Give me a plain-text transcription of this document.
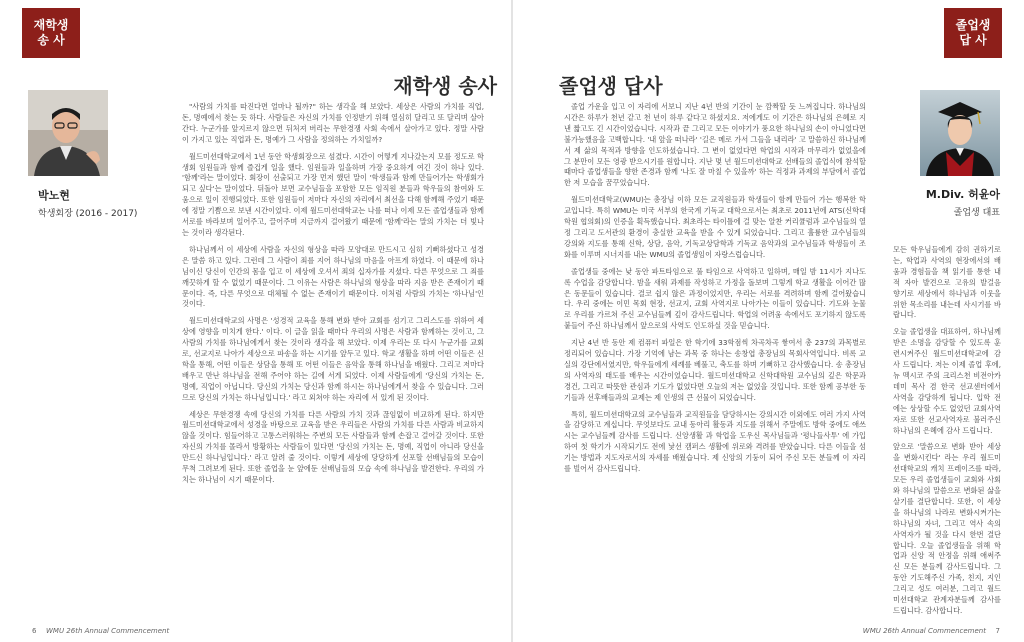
재학생
송 사
재학생 송사
박노현
학생회장 (2016 - 2017)

"사람의 가치를 따진다면 얼마나 될까?" 하는 생각을 해 보았다. 세상은 사람의 가치를 직업, 돈, 명예에서 찾는 듯 하다. 사람들은 자신의 가치를 인정받기 위해 열심히 달리고 또 달리며 살아간다. 누군가를 앞지르지 않으면 뒤처져 버리는 무한경쟁 사회 속에서 살아가고 있다. 정말 사람이 가지고 있는 직업과 돈, 명예가 그 사람을 정의하는 가치일까?

월드미션대학교에서 1년 동안 학생회장으로 섬겼다. 시간이 어떻게 지나갔는지 모를 정도로 학생회 임원들과 함께 즐겁게 일을 했다. 임원들과 일을하며 가장 중요하게 여긴 것이 하나 있다. '함께'라는 말이었다. 회장이 선출되고 가장 먼저 했던 말이 '학생들과 함께 만들어가는 학생회가 되고 싶다'는 말이었다. 뒤돌아 보면 교수님들을 포함한 모든 임직원 분들과 학우들의 참여와 도움으로 일이 진행되었다. 또한 임원들이 저마다 자신의 자리에서 최선을 다해 함께해 주었기 때문에 정말 기쁨으로 보낸 시간이었다. 이제 월드미션대학교는 나를 떠나 이제 모든 졸업생들과 함께 서로를 바라보며 일어주고, 끌어주며 지금까지 걸어왔기 때문에 '함께'라는 말의 가치는 더 빛나는 것이라 생각된다.

하나님께서 이 세상에 사람을 자신의 형상을 따라 모양대로 만드시고 심히 기뻐하셨다고 성경은 말씀 하고 있다. 그런데 그 사람이 죄를 지어 하나님의 마음을 아프게 하였다. 이 때문에 하나님이신 당신이 인간의 몸을 입고 이 세상에 오셔서 죄의 십자가를 지셨다. 다른 무엇으로 그 죄를 깨끗하게 할 수 없었기 때문이다. 그 이유는 사람은 하나님의 형상을 따라 지음 받은 존재이기 때문이다. 즉, 다른 무엇으로 대체될 수 없는 존재이기 때문이다. 이처럼 사람의 가치는 '하나님'인 것이다.

월드미션대학교의 사명은 '성경적 교육을 통해 변화 받아 교회를 섬기고 그리스도를 위하여 세상에 영향을 미치게 한다.' 이다. 이 글을 읽을 때마다 우리의 사명은 사람과 함께하는 것이고, 그 사람의 가치를 하나님에게서 찾는 것이라 생각을 해 보았다. 이제 우리는 또 다시 누군가를 교회로, 선교지로 나아가 세상으로 파송을 하는 시기를 앞두고 있다. 학교 생활을 하며 어떤 이들은 신학을 통해, 어떤 이들은 상담을 통해 또 어떤 이들은 음악을 통해 하나님을 배웠다. 그리고 저마다 배우고 만난 하나님을 전해 주어야 하는 길에 서게 되었다. 이제 사람들에게 '당신의 가치는 돈, 명예, 직업이 아닙니다. 당신의 가치는 당신과 함께 하시는 하나님에게서 찾을 수 있습니다. 그러므로 당신의 가치는 하나님입니다.' 라고 외쳐야 하는 자리에 서 있게 된 것이다.

세상은 무한경쟁 속에 당신의 가치를 다른 사람의 가치 것과 끊임없이 비교하게 된다. 하지만 월드미션대학교에서 성경을 바탕으로 교육을 받은 우리들은 사람의 가치를 다른 사람과 비교하지 않을 것이다. 힘들어하고 고통스러워하는 주변의 모든 사람들과 함께 손잡고 걸어갈 것이다. 또한 자신의 가치를 몰라서 방황하는 사람들이 있다면 '당신의 가치는 돈, 명예, 직업이 아니라 당신을 만드신 하나님입니다.' 라고 알려 줄 것이다. 이렇게 세상에 당당하게 선포할 선배님들의 모습이 무척 그려보게 된다. 또한 졸업을 눈 앞에둔 선배님들의 모습 속에 하나님을 발견한다. 우리의 가치는 하나님이 시기 때문이다.

6 WMU 26th Annual Commencement
졸업생
답 사
졸업생 답사
M.Div. 허윤아
졸업생 대표

졸업 가운을 입고 이 자리에 서보니 지난 4년 반의 기간이 눈 깜짝할 듯 느껴집니다. 하나님의 시간은 하루가 천년 같고 천 년이 하루 같다고 하셨지요. 저에게도 이 기간은 하나님의 은혜로 지낸 짧고도 긴 시간이었습니다. 시작과 끝 그리고 모든 이야기가 풍요한 하나님의 손이 아니었다면 불가능했음을 고백합니다. '내 앞을 떠나라' '길은 메로 가서 그들을 내리라' 고 말씀하신 하나님께서 제 삶의 목적과 방향을 인도하셨습니다. 그 변이 없었다면 학업의 시작과 마무리가 없었을에 그 분만이 모든 영광 받으시기를 원합니다. 지난 몇 년 월드미션대학교 선배들의 졸업식에 참석할 때마다 졸업생들을 향한 존경과 함께 '나도 잘 마칠 수 있을까' 하는 걱정과 과제의 부담에서 졸업한 저 모습을 꿈꾸었습니다.

월드미션대학교(WMU)는 총장님 이하 모든 교직원들과 학생들이 함께 만들어 가는 행복한 학교입니다. 특히 WMU는 미국 서부의 한국계 기독교 대학으로서는 최초로 2011년에 ATS(신학대학원 협의회)의 인증을 획득했습니다. 최초라는 타이틀에 걸 맞는 알찬 커리큘럼과 교수님들의 열정 그리고 도서관의 환경이 충실한 교육을 받을 수 있게 되었습니다. 그리고 훌륭한 교수님들의 강의와 지도를 통해 신학, 상담, 음악, 기독교상담학과 기독교 음악과의 교수님들과 학생들이 조화를 이루며 시너지를 내는 WMU의 졸업생임이 자랑스럽습니다.

졸업생들 중에는 낮 동안 파트타임으로 풀 타임으로 사역하고 일하며, 매일 밤 11시가 지나도록 수업을 감당합니다. 밤을 새워 과제를 작성하고 가정을 돌보며 그렇게 학교 생활을 이어간 많은 동문들이 있습니다. 결코 쉽지 않은 과정이었지만, 우리는 서로를 격려하며 함께 걸어왔습니다. 우리 중에는 이민 목회 현장, 선교지, 교회 사역지로 나아가는 이들이 있습니다. 기도와 눈물로 우리를 가르쳐 주신 교수님들께 깊이 감사드립니다. 학업의 어려움 속에서도 포기하지 않도록 붙들어 주신 하나님께서 앞으로의 사역도 인도하실 것을 믿습니다.

지난 4년 반 동안 제 컴퓨터 파일은 한 학기에 33학점씩 차곡차곡 쌓여서 총 237의 과목별로 정리되어 있습니다. 가장 기억에 남는 과목 중 하나는 송창엽 총장님의 목회사역입니다. 비록 교실의 강단에서였지만, 학우들에게 세례를 베풀고, 축도를 하며 기뻐하고 감사했습니다. 송 총장님의 사역자의 태도를 배우는 시간이었습니다. 월드미션대학교 신학대학원 교수님의 깊은 학문과 경건, 그리고 따뜻한 관심과 기도가 없었다면 오늘의 저는 없었을 것입니다. 또한 함께 공부한 동기들과 선후배들과의 교제는 제 인생의 큰 선물이 되었습니다.

특히, 월드미션대학교의 교수님들과 교직원들을 담당하시는 강의시간 이외에도 여러 가지 사역을 감당하고 계십니다. 무엇보다도 교내 동아리 활동과 지도를 위해서 주말에도 방학 중에도 애쓰시는 교수님들께 감사를 드립니다. 신앙생활 과 학업을 도우신 목사님들과 '평나들사투' 에 가입하여 첫 학기가 시작되기도 전에 낯선 캠퍼스 생활에 위로와 격려를 받았습니다. 다른 이들을 섬기는 방법과 지도자로서의 자세를 배웠습니다. 제 신앙의 기둥이 되어 주신 모든 분들께 이 자리를 빌어서 감사드립니다.

모든 학우님들에게 감히 권하기로는, 학업과 사역의 현장에서의 배움과 경험들을 책 읽기를 통한 내적 자아 발견으로 고유의 발걸음 향기로 세상에서 하나님과 이웃을 위한 목소리를 내는데 사시기를 바랍니다.

오늘 졸업생을 대표하여, 하나님께 받은 소명을 감당할 수 있도록 훈련시켜주신 월드미션대학교에 감사 드립니다. 저는 이제 졸업 후에, 뉴 멕시코 주의 크리스천 비전아카데미 목사 겸 한국 선교센터에서 사역을 감당하게 됩니다. 입학 전에는 상상할 수도 없었던 교회사역자로 또한 선교사역자로 불러주신 하나님의 은혜에 감사 드립니다.

앞으로 '말씀으로 변화 받아 세상을 변화시킨다' 라는 우리 월드미션대학교의 캐치 프레이즈를 따라, 모든 우리 졸업생들이 교회와 사회와 하나님의 말씀으로 변화된 삶을 살기를 결단합니다. 또한, 이 세상을 하나님의 나라로 변화시켜가는 하나님의 자녀, 그리고 역사 속의 사역자가 될 것을 다시 한번 결단합니다. 오늘 졸업생들을 위해 학업과 신앙 적 안정을 위해 애써주신 모든 분들께 감사드립니다. 그 동안 기도해주신 가족, 친지, 지인 그리고 성도 여러분, 그리고 월드 미션대학교 관계자분들께 감사를 드립니다. 감사합니다.

WMU 26th Annual Commencement 7
